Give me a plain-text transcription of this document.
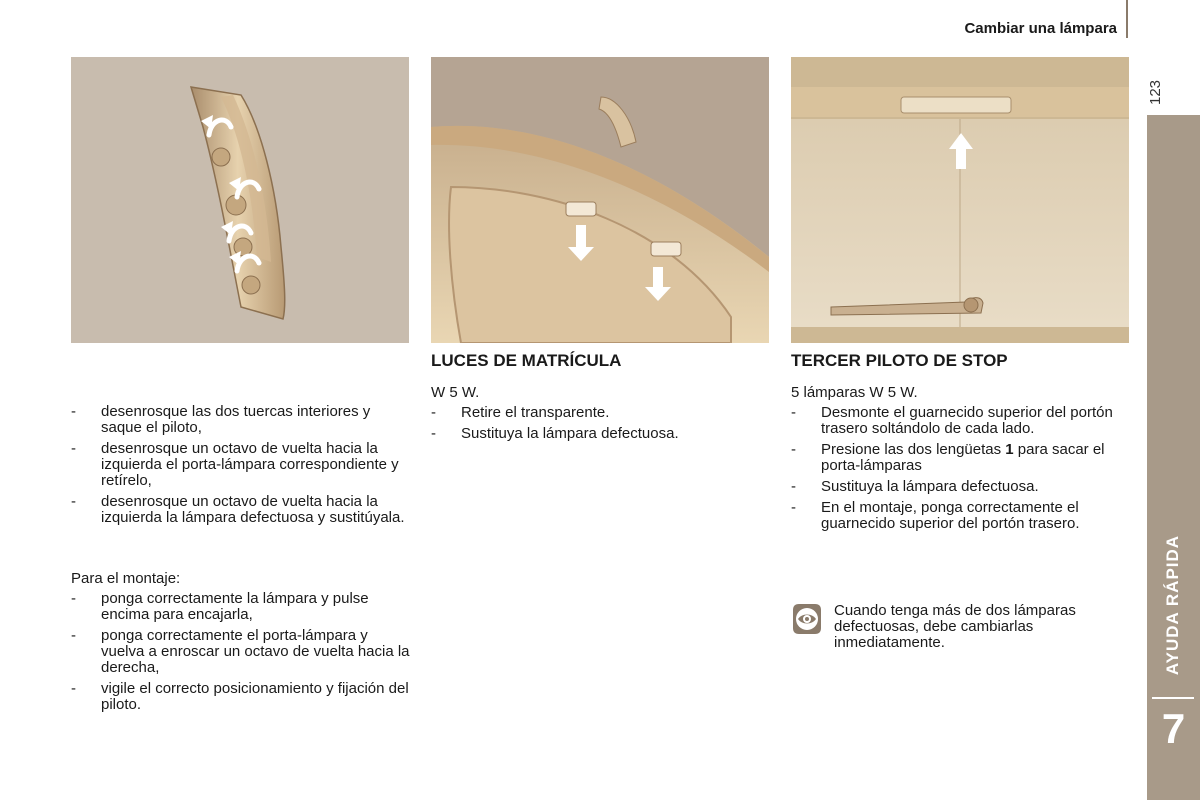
Cambiar una lámpara
123
AYUDA RÁPIDA
7
LUCES DE MATRÍCULA	TERCER PILOTO DE STOP
- desenrosque las dos tuercas interiores y saque el piloto,
- desenrosque un octavo de vuelta hacia la izquierda el porta-lámpara correspondiente y retírelo,
- desenrosque un octavo de vuelta hacia la izquierda la lámpara defectuosa y sustitúyala.
Para el montaje:
- ponga correctamente la lámpara y pulse encima para encajarla,
- ponga correctamente el porta-lámpara y vuelva a enroscar un octavo de vuelta hacia la derecha,
- vigile el correcto posicionamiento y fijación del piloto.
W 5 W.
- Retire el transparente.
- Sustituya la lámpara defectuosa.
5 lámparas W 5 W.
- Desmonte el guarnecido superior del portón trasero soltándolo de cada lado.
- Presione las dos lengüetas 1 para sacar el porta-lámparas
- Sustituya la lámpara defectuosa.
- En el montaje, ponga correctamente el guarnecido superior del portón trasero.
Cuando tenga más de dos lámparas defectuosas, debe cambiarlas inmediatamente.
